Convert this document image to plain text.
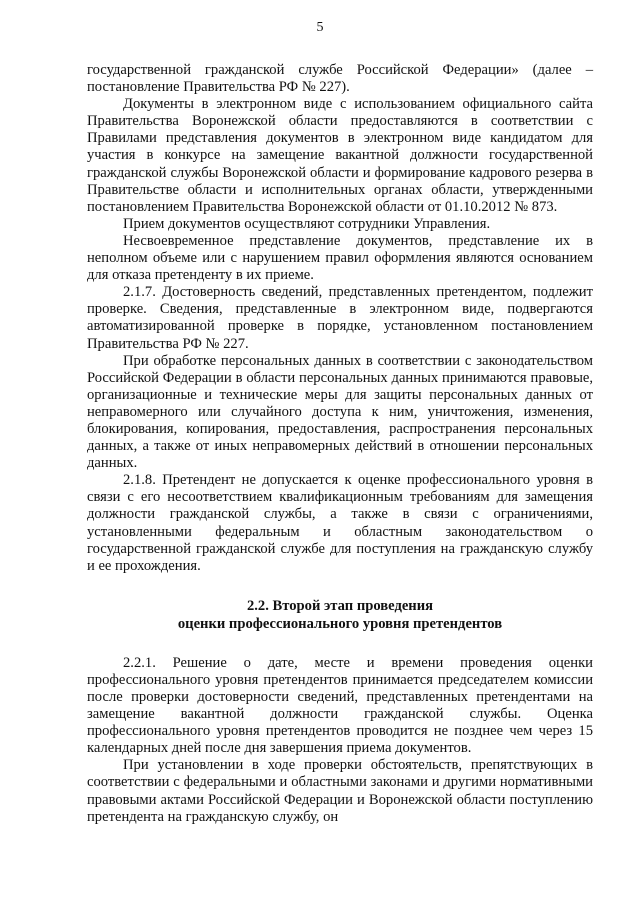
5

государственной гражданской службе Российской Федерации» (далее – постановление Правительства РФ № 227).

Документы в электронном виде с использованием официального сайта Правительства Воронежской области предоставляются в соответствии с Правилами представления документов в электронном виде кандидатом для участия в конкурсе на замещение вакантной должности государственной гражданской службы Воронежской области и формирование кадрового резерва в Правительстве области и исполнительных органах области, утвержденными постановлением Правительства Воронежской области от 01.10.2012 № 873.

Прием документов осуществляют сотрудники Управления.

Несвоевременное представление документов, представление их в неполном объеме или с нарушением правил оформления являются основанием для отказа претенденту в их приеме.

2.1.7. Достоверность сведений, представленных претендентом, подлежит проверке. Сведения, представленные в электронном виде, подвергаются автоматизированной проверке в порядке, установленном постановлением Правительства РФ № 227.

При обработке персональных данных в соответствии с законодательством Российской Федерации в области персональных данных принимаются правовые, организационные и технические меры для защиты персональных данных от неправомерного или случайного доступа к ним, уничтожения, изменения, блокирования, копирования, предоставления, распространения персональных данных, а также от иных неправомерных действий в отношении персональных данных.

2.1.8. Претендент не допускается к оценке профессионального уровня в связи с его несоответствием квалификационным требованиям для замещения должности гражданской службы, а также в связи с ограничениями, установленными федеральным и областным законодательством о государственной гражданской службе для поступления на гражданскую службу и ее прохождения.

2.2. Второй этап проведения
оценки профессионального уровня претендентов

2.2.1. Решение о дате, месте и времени проведения оценки профессионального уровня претендентов принимается председателем комиссии после проверки достоверности сведений, представленных претендентами на замещение вакантной должности гражданской службы. Оценка профессионального уровня претендентов проводится не позднее чем через 15 календарных дней после дня завершения приема документов.

При установлении в ходе проверки обстоятельств, препятствующих в соответствии с федеральными и областными законами и другими нормативными правовыми актами Российской Федерации и Воронежской области поступлению претендента на гражданскую службу, он
